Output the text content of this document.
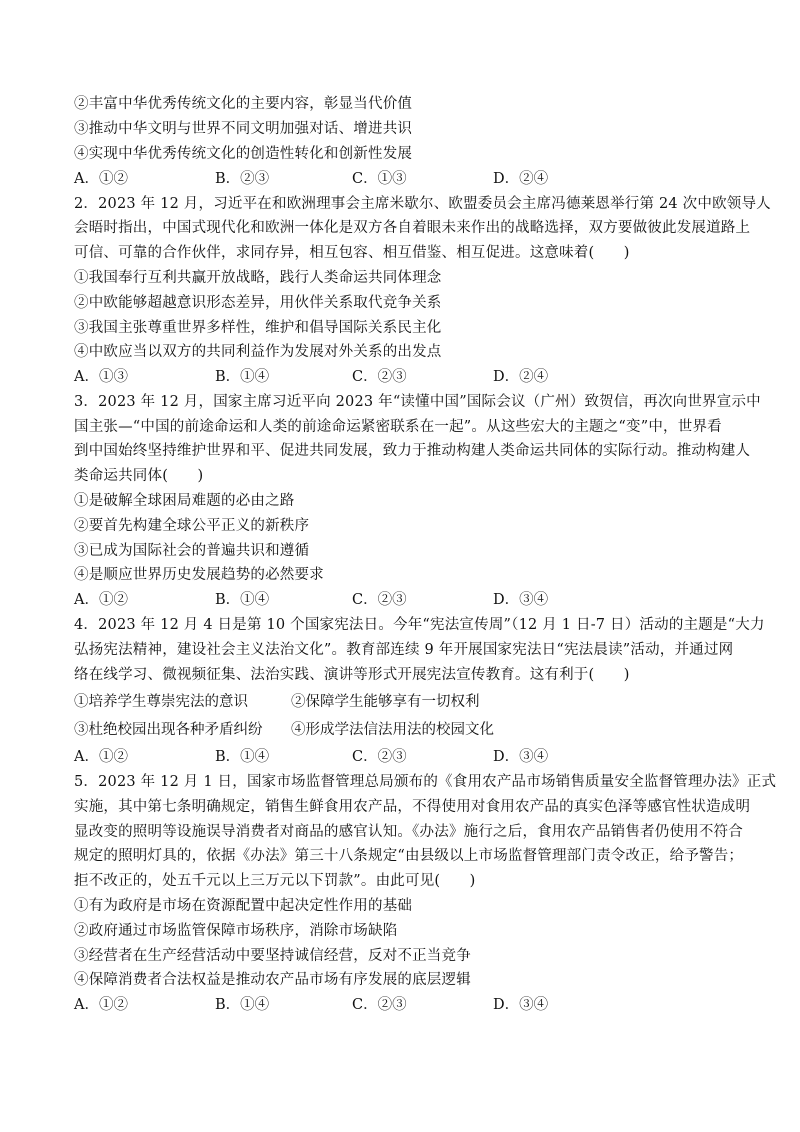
②丰富中华优秀传统文化的主要内容，彰显当代价值
③推动中华文明与世界不同文明加强对话、增进共识
④实现中华优秀传统文化的创造性转化和创新性发展
A．①②	B．②③	C．①③	D．②④
2．2023 年 12 月，习近平在和欧洲理事会主席米歇尔、欧盟委员会主席冯德莱恩举行第 24 次中欧领导人
会晤时指出，中国式现代化和欧洲一体化是双方各自着眼未来作出的战略选择，双方要做彼此发展道路上
可信、可靠的合作伙伴，求同存异，相互包容、相互借鉴、相互促进。这意味着(　　)
①我国奉行互利共赢开放战略，践行人类命运共同体理念
②中欧能够超越意识形态差异，用伙伴关系取代竞争关系
③我国主张尊重世界多样性，维护和倡导国际关系民主化
④中欧应当以双方的共同利益作为发展对外关系的出发点
A．①③	B．①④	C．②③	D．②④
3．2023 年 12 月，国家主席习近平向 2023 年“读懂中国”国际会议（广州）致贺信，再次向世界宣示中
国主张—“中国的前途命运和人类的前途命运紧密联系在一起”。从这些宏大的主题之“变”中，世界看
到中国始终坚持维护世界和平、促进共同发展，致力于推动构建人类命运共同体的实际行动。推动构建人
类命运共同体(　　)
①是破解全球困局难题的必由之路
②要首先构建全球公平正义的新秩序
③已成为国际社会的普遍共识和遵循
④是顺应世界历史发展趋势的必然要求
A．①②	B．①④	C．②③	D．③④
4．2023 年 12 月 4 日是第 10 个国家宪法日。今年“宪法宣传周”（12 月 1 日-7 日）活动的主题是“大力
弘扬宪法精神，建设社会主义法治文化”。教育部连续 9 年开展国家宪法日“宪法晨读”活动，并通过网
络在线学习、微视频征集、法治实践、演讲等形式开展宪法宣传教育。这有利于(　　)
①培养学生尊崇宪法的意识	②保障学生能够享有一切权利
③杜绝校园出现各种矛盾纠纷 ④形成学法信法用法的校园文化
A．①②	B．①④	C．②③	D．③④
5．2023 年 12 月 1 日，国家市场监督管理总局颁布的《食用农产品市场销售质量安全监督管理办法》正式
实施，其中第七条明确规定，销售生鲜食用农产品，不得使用对食用农产品的真实色泽等感官性状造成明
显改变的照明等设施误导消费者对商品的感官认知。《办法》施行之后，食用农产品销售者仍使用不符合
规定的照明灯具的，依据《办法》第三十八条规定“由县级以上市场监督管理部门责令改正，给予警告；
拒不改正的，处五千元以上三万元以下罚款”。由此可见(　　)
①有为政府是市场在资源配置中起决定性作用的基础
②政府通过市场监管保障市场秩序，消除市场缺陷
③经营者在生产经营活动中要坚持诚信经营，反对不正当竞争
④保障消费者合法权益是推动农产品市场有序发展的底层逻辑
A．①②	B．①④	C．②③	D．③④
